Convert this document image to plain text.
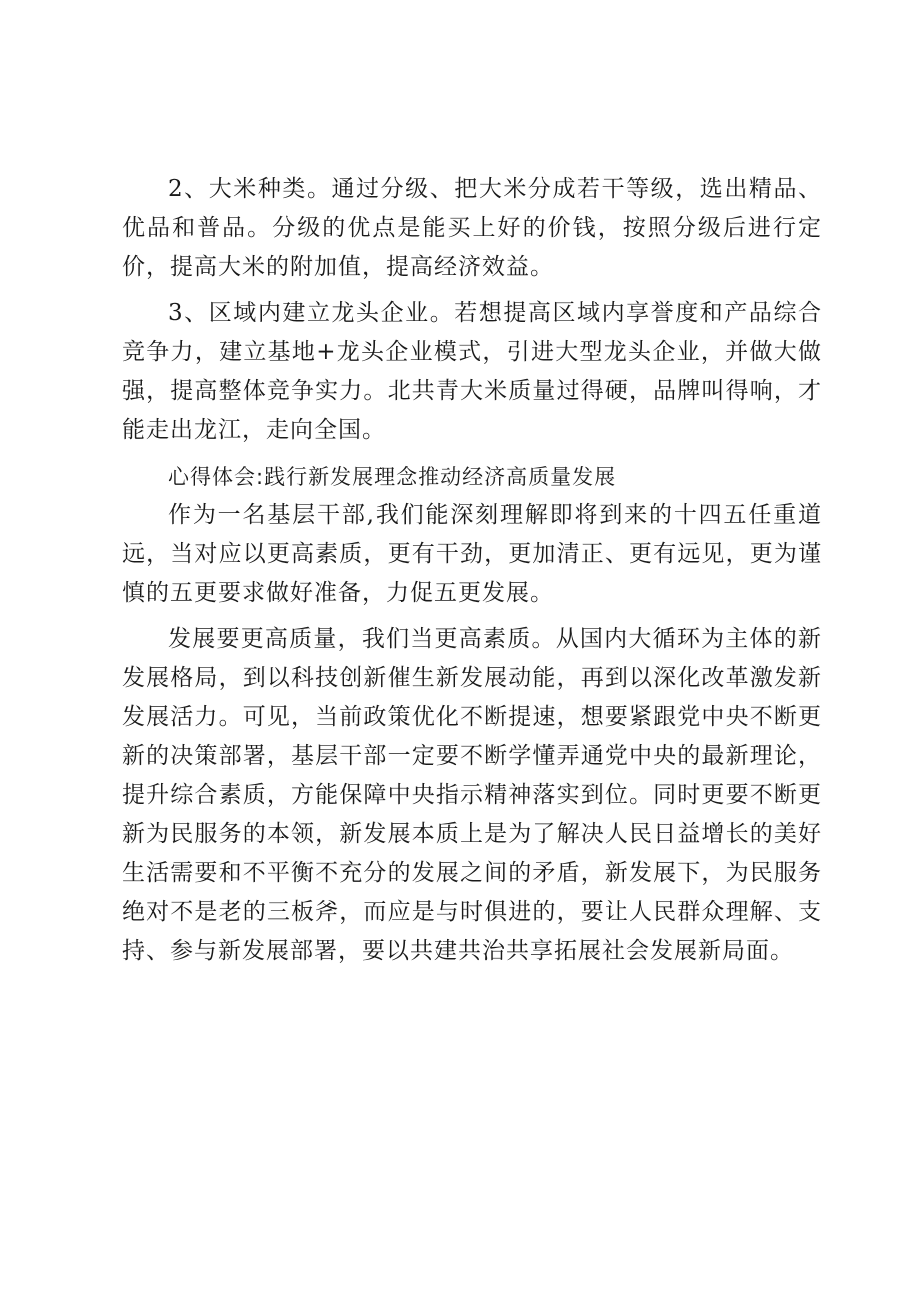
2、大米种类。通过分级、把大米分成若干等级，选出精品、优品和普品。分级的优点是能买上好的价钱，按照分级后进行定价，提高大米的附加值，提高经济效益。

3、区域内建立龙头企业。若想提高区域内享誉度和产品综合竞争力，建立基地+龙头企业模式，引进大型龙头企业，并做大做强，提高整体竞争实力。北共青大米质量过得硬，品牌叫得响，才能走出龙江，走向全国。

心得体会:践行新发展理念推动经济高质量发展

作为一名基层干部,我们能深刻理解即将到来的十四五任重道远，当对应以更高素质，更有干劲，更加清正、更有远见，更为谨慎的五更要求做好准备，力促五更发展。

发展要更高质量，我们当更高素质。从国内大循环为主体的新发展格局，到以科技创新催生新发展动能，再到以深化改革激发新发展活力。可见，当前政策优化不断提速，想要紧跟党中央不断更新的决策部署，基层干部一定要不断学懂弄通党中央的最新理论，提升综合素质，方能保障中央指示精神落实到位。同时更要不断更新为民服务的本领，新发展本质上是为了解决人民日益增长的美好生活需要和不平衡不充分的发展之间的矛盾，新发展下，为民服务绝对不是老的三板斧，而应是与时俱进的，要让人民群众理解、支持、参与新发展部署，要以共建共治共享拓展社会发展新局面。
